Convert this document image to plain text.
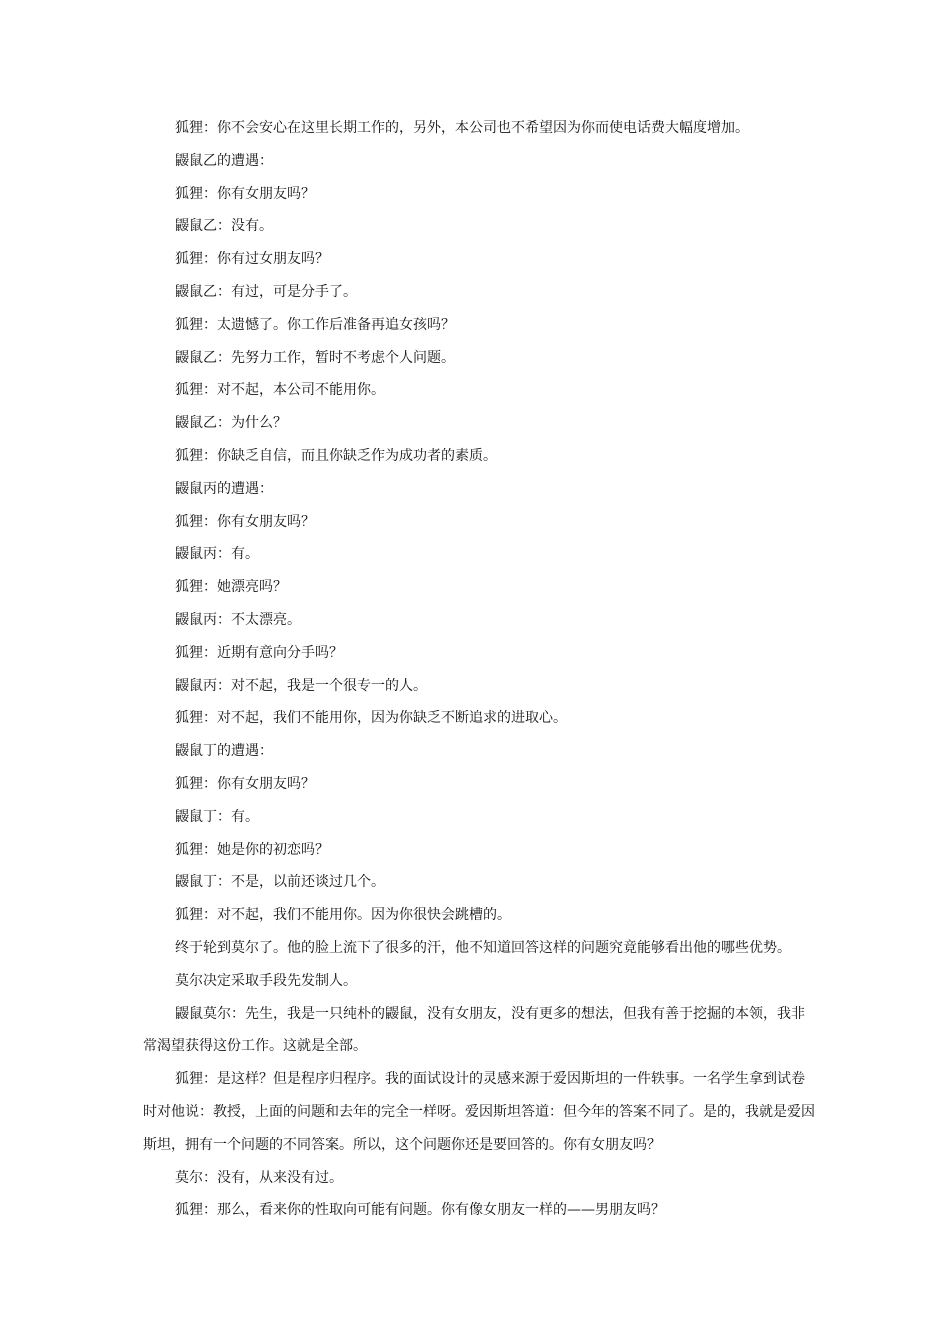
狐狸：你不会安心在这里长期工作的，另外，本公司也不希望因为你而使电话费大幅度增加。

鼹鼠乙的遭遇：

狐狸：你有女朋友吗？

鼹鼠乙：没有。

狐狸：你有过女朋友吗？

鼹鼠乙：有过，可是分手了。

狐狸：太遗憾了。你工作后准备再追女孩吗？

鼹鼠乙：先努力工作，暂时不考虑个人问题。

狐狸：对不起，本公司不能用你。

鼹鼠乙：为什么？

狐狸：你缺乏自信，而且你缺乏作为成功者的素质。

鼹鼠丙的遭遇：

狐狸：你有女朋友吗？

鼹鼠丙：有。

狐狸：她漂亮吗？

鼹鼠丙：不太漂亮。

狐狸：近期有意向分手吗？

鼹鼠丙：对不起，我是一个很专一的人。

狐狸：对不起，我们不能用你，因为你缺乏不断追求的进取心。

鼹鼠丁的遭遇：

狐狸：你有女朋友吗？

鼹鼠丁：有。

狐狸：她是你的初恋吗？

鼹鼠丁：不是，以前还谈过几个。

狐狸：对不起，我们不能用你。因为你很快会跳槽的。

终于轮到莫尔了。他的脸上流下了很多的汗，他不知道回答这样的问题究竟能够看出他的哪些优势。

莫尔决定采取手段先发制人。

鼹鼠莫尔：先生，我是一只纯朴的鼹鼠，没有女朋友，没有更多的想法，但我有善于挖掘的本领，我非常渴望获得这份工作。这就是全部。

狐狸：是这样？但是程序归程序。我的面试设计的灵感来源于爱因斯坦的一件轶事。一名学生拿到试卷时对他说：教授，上面的问题和去年的完全一样呀。爱因斯坦答道：但今年的答案不同了。是的，我就是爱因斯坦，拥有一个问题的不同答案。所以，这个问题你还是要回答的。你有女朋友吗？

莫尔：没有，从来没有过。

狐狸：那么，看来你的性取向可能有问题。你有像女朋友一样的——男朋友吗？
